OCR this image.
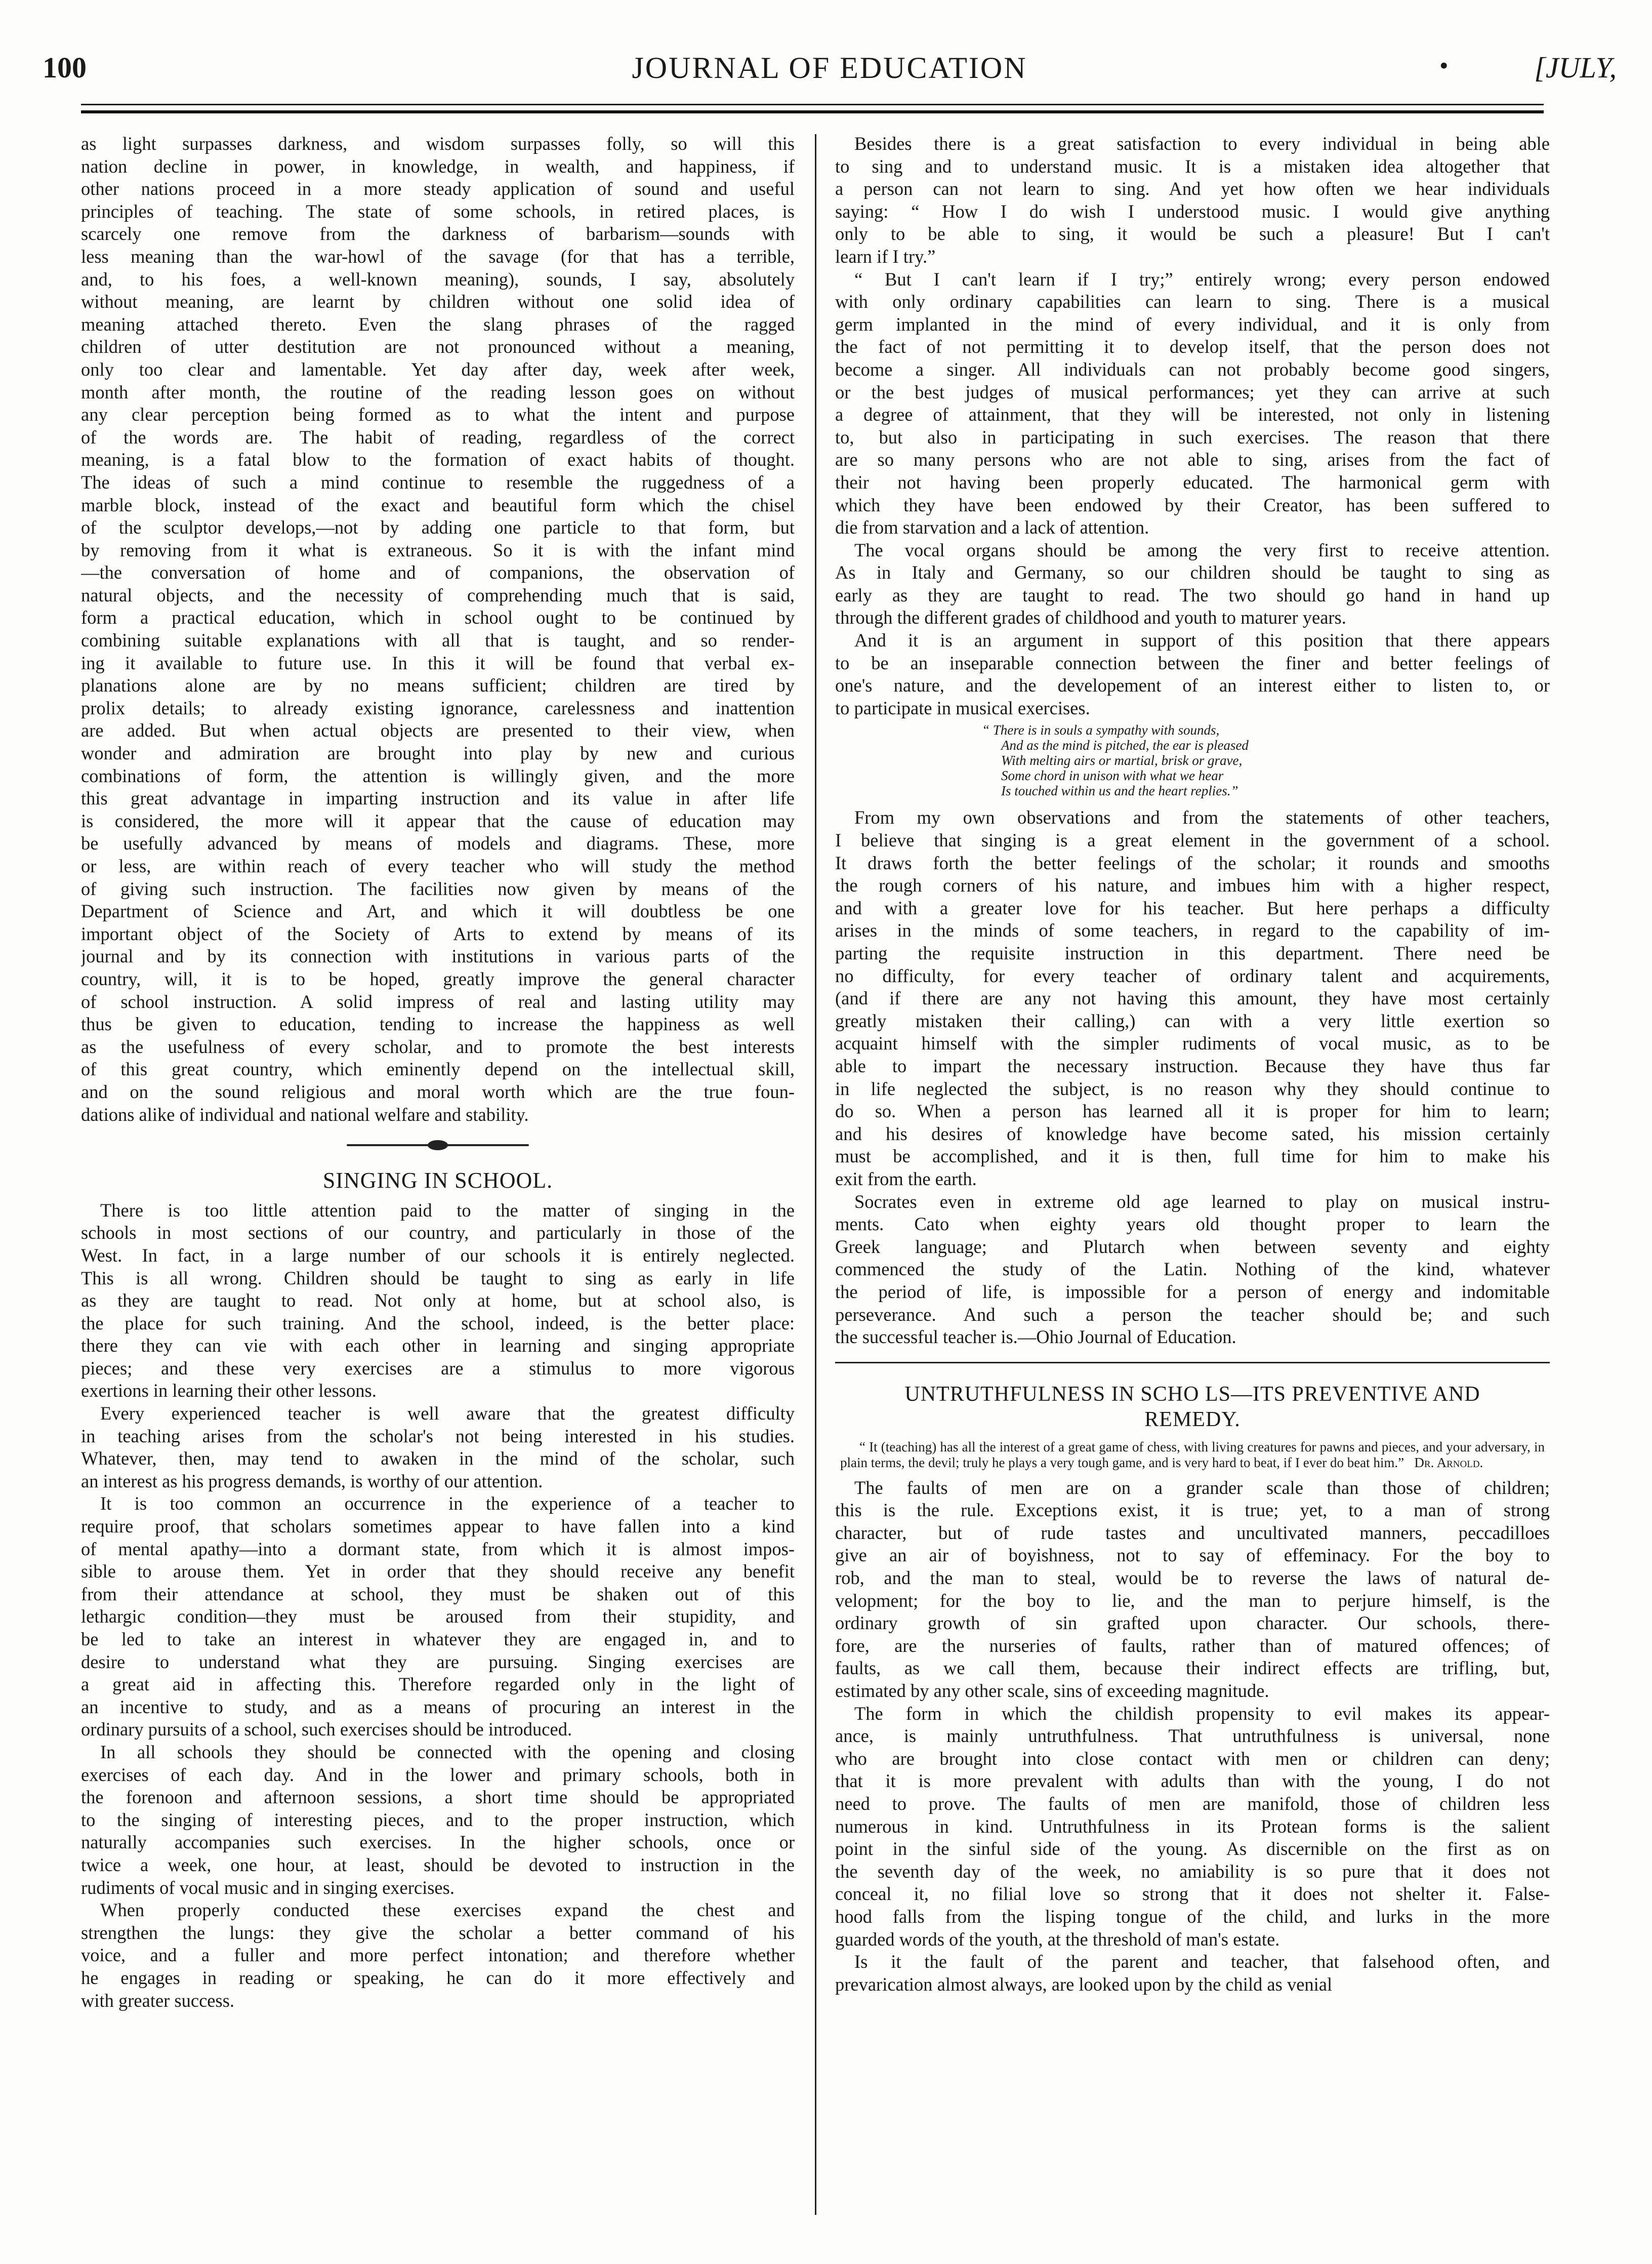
100	JOURNAL OF EDUCATION	•	[JULY,
as light surpasses darkness, and wisdom surpasses folly, so will this
nation decline in power, in knowledge, in wealth, and happiness, if
other nations proceed in a more steady application of sound and useful
principles of teaching. The state of some schools, in retired places, is
scarcely one remove from the darkness of barbarism—sounds with
less meaning than the war-howl of the savage (for that has a terrible,
and, to his foes, a well-known meaning), sounds, I say, absolutely
without meaning, are learnt by children without one solid idea of
meaning attached thereto. Even the slang phrases of the ragged
children of utter destitution are not pronounced without a meaning,
only too clear and lamentable. Yet day after day, week after week,
month after month, the routine of the reading lesson goes on without
any clear perception being formed as to what the intent and purpose
of the words are. The habit of reading, regardless of the correct
meaning, is a fatal blow to the formation of exact habits of thought.
The ideas of such a mind continue to resemble the ruggedness of a
marble block, instead of the exact and beautiful form which the chisel
of the sculptor develops,—not by adding one particle to that form, but
by removing from it what is extraneous. So it is with the infant mind
—the conversation of home and of companions, the observation of
natural objects, and the necessity of comprehending much that is said,
form a practical education, which in school ought to be continued by
combining suitable explanations with all that is taught, and so render-
ing it available to future use. In this it will be found that verbal ex-
planations alone are by no means sufficient; children are tired by
prolix details; to already existing ignorance, carelessness and inattention
are added. But when actual objects are presented to their view, when
wonder and admiration are brought into play by new and curious
combinations of form, the attention is willingly given, and the more
this great advantage in imparting instruction and its value in after life
is considered, the more will it appear that the cause of education may
be usefully advanced by means of models and diagrams. These, more
or less, are within reach of every teacher who will study the method
of giving such instruction. The facilities now given by means of the
Department of Science and Art, and which it will doubtless be one
important object of the Society of Arts to extend by means of its
journal and by its connection with institutions in various parts of the
country, will, it is to be hoped, greatly improve the general character
of school instruction. A solid impress of real and lasting utility may
thus be given to education, tending to increase the happiness as well
as the usefulness of every scholar, and to promote the best interests
of this great country, which eminently depend on the intellectual skill,
and on the sound religious and moral worth which are the true foun-
dations alike of individual and national welfare and stability.
SINGING IN SCHOOL.
There is too little attention paid to the matter of singing in the
schools in most sections of our country, and particularly in those of the
West. In fact, in a large number of our schools it is entirely neglected.
This is all wrong. Children should be taught to sing as early in life
as they are taught to read. Not only at home, but at school also, is
the place for such training. And the school, indeed, is the better place:
there they can vie with each other in learning and singing appropriate
pieces; and these very exercises are a stimulus to more vigorous
exertions in learning their other lessons.
Every experienced teacher is well aware that the greatest difficulty
in teaching arises from the scholar's not being interested in his studies.
Whatever, then, may tend to awaken in the mind of the scholar, such
an interest as his progress demands, is worthy of our attention.
It is too common an occurrence in the experience of a teacher to
require proof, that scholars sometimes appear to have fallen into a kind
of mental apathy—into a dormant state, from which it is almost impos-
sible to arouse them. Yet in order that they should receive any benefit
from their attendance at school, they must be shaken out of this
lethargic condition—they must be aroused from their stupidity, and
be led to take an interest in whatever they are engaged in, and to
desire to understand what they are pursuing. Singing exercises are
a great aid in affecting this. Therefore regarded only in the light of
an incentive to study, and as a means of procuring an interest in the
ordinary pursuits of a school, such exercises should be introduced.
In all schools they should be connected with the opening and closing
exercises of each day. And in the lower and primary schools, both in
the forenoon and afternoon sessions, a short time should be appropriated
to the singing of interesting pieces, and to the proper instruction, which
naturally accompanies such exercises. In the higher schools, once or
twice a week, one hour, at least, should be devoted to instruction in the
rudiments of vocal music and in singing exercises.
When properly conducted these exercises expand the chest and
strengthen the lungs: they give the scholar a better command of his
voice, and a fuller and more perfect intonation; and therefore whether
he engages in reading or speaking, he can do it more effectively and
with greater success.
Besides there is a great satisfaction to every individual in being able
to sing and to understand music. It is a mistaken idea altogether that
a person can not learn to sing. And yet how often we hear individuals
saying: “ How I do wish I understood music. I would give anything
only to be able to sing, it would be such a pleasure! But I can't
learn if I try.”
“ But I can't learn if I try;” entirely wrong; every person endowed
with only ordinary capabilities can learn to sing. There is a musical
germ implanted in the mind of every individual, and it is only from
the fact of not permitting it to develop itself, that the person does not
become a singer. All individuals can not probably become good singers,
or the best judges of musical performances; yet they can arrive at such
a degree of attainment, that they will be interested, not only in listening
to, but also in participating in such exercises. The reason that there
are so many persons who are not able to sing, arises from the fact of
their not having been properly educated. The harmonical germ with
which they have been endowed by their Creator, has been suffered to
die from starvation and a lack of attention.
The vocal organs should be among the very first to receive attention.
As in Italy and Germany, so our children should be taught to sing as
early as they are taught to read. The two should go hand in hand up
through the different grades of childhood and youth to maturer years.
And it is an argument in support of this position that there appears
to be an inseparable connection between the finer and better feelings of
one's nature, and the developement of an interest either to listen to, or
to participate in musical exercises.
“ There is in souls a sympathy with sounds,
And as the mind is pitched, the ear is pleased
With melting airs or martial, brisk or grave,
Some chord in unison with what we hear
Is touched within us and the heart replies.”
From my own observations and from the statements of other teachers,
I believe that singing is a great element in the government of a school.
It draws forth the better feelings of the scholar; it rounds and smooths
the rough corners of his nature, and imbues him with a higher respect,
and with a greater love for his teacher. But here perhaps a difficulty
arises in the minds of some teachers, in regard to the capability of im-
parting the requisite instruction in this department. There need be
no difficulty, for every teacher of ordinary talent and acquirements,
(and if there are any not having this amount, they have most certainly
greatly mistaken their calling,) can with a very little exertion so
acquaint himself with the simpler rudiments of vocal music, as to be
able to impart the necessary instruction. Because they have thus far
in life neglected the subject, is no reason why they should continue to
do so. When a person has learned all it is proper for him to learn;
and his desires of knowledge have become sated, his mission certainly
must be accomplished, and it is then, full time for him to make his
exit from the earth.
Socrates even in extreme old age learned to play on musical instru-
ments. Cato when eighty years old thought proper to learn the
Greek language; and Plutarch when between seventy and eighty
commenced the study of the Latin. Nothing of the kind, whatever
the period of life, is impossible for a person of energy and indomitable
perseverance. And such a person the teacher should be; and such
the successful teacher is.—Ohio Journal of Education.
UNTRUTHFULNESS IN SCHO LS—ITS PREVENTIVE AND
REMEDY.
“ It (teaching) has all the interest of a great game of chess, with living creatures for pawns and pieces, and your adversary, in plain terms, the devil; truly he plays a very tough game, and is very hard to beat, if I ever do beat him.” Dr. Arnold.
The faults of men are on a grander scale than those of children;
this is the rule. Exceptions exist, it is true; yet, to a man of strong
character, but of rude tastes and uncultivated manners, peccadilloes
give an air of boyishness, not to say of effeminacy. For the boy to
rob, and the man to steal, would be to reverse the laws of natural de-
velopment; for the boy to lie, and the man to perjure himself, is the
ordinary growth of sin grafted upon character. Our schools, there-
fore, are the nurseries of faults, rather than of matured offences; of
faults, as we call them, because their indirect effects are trifling, but,
estimated by any other scale, sins of exceeding magnitude.
The form in which the childish propensity to evil makes its appear-
ance, is mainly untruthfulness. That untruthfulness is universal, none
who are brought into close contact with men or children can deny;
that it is more prevalent with adults than with the young, I do not
need to prove. The faults of men are manifold, those of children less
numerous in kind. Untruthfulness in its Protean forms is the salient
point in the sinful side of the young. As discernible on the first as on
the seventh day of the week, no amiability is so pure that it does not
conceal it, no filial love so strong that it does not shelter it. False-
hood falls from the lisping tongue of the child, and lurks in the more
guarded words of the youth, at the threshold of man's estate.
Is it the fault of the parent and teacher, that falsehood often, and
prevarication almost always, are looked upon by the child as venial
